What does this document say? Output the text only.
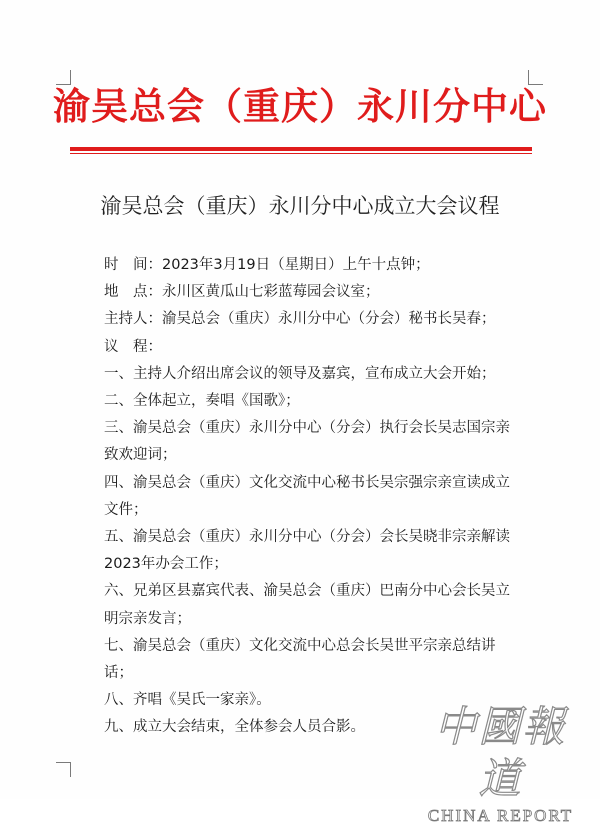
渝吴总会（重庆）永川分中心
渝吴总会（重庆）永川分中心成立大会议程
时　间：2023年3月19日（星期日）上午十点钟；
地　点：永川区黄瓜山七彩蓝莓园会议室；
主持人：渝吴总会（重庆）永川分中心（分会）秘书长吴春；
议　程：
一、主持人介绍出席会议的领导及嘉宾，宣布成立大会开始；
二、全体起立，奏唱《国歌》；
三、渝吴总会（重庆）永川分中心（分会）执行会长吴志国宗亲
致欢迎词；
四、渝吴总会（重庆）文化交流中心秘书长吴宗强宗亲宣读成立
文件；
五、渝吴总会（重庆）永川分中心（分会）会长吴晓非宗亲解读
2023年办会工作；
六、兄弟区县嘉宾代表、渝吴总会（重庆）巴南分中心会长吴立
明宗亲发言；
七、渝吴总会（重庆）文化交流中心总会长吴世平宗亲总结讲
话；
八、齐唱《吴氏一家亲》。
九、成立大会结束，全体参会人员合影。	中國報道
CHINA REPORT
